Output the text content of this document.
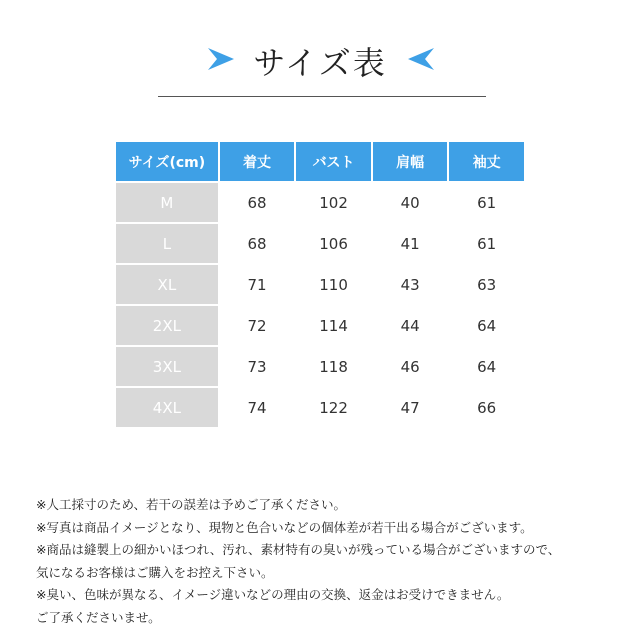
サイズ表
サイズ(cm)	着丈	バスト	肩幅	袖丈
M	68	102	40	61
L	68	106	41	61
XL	71	110	43	63
2XL	72	114	44	64
3XL	73	118	46	64
4XL	74	122	47	66

※人工採寸のため、若干の誤差は予めご了承ください。

※写真は商品イメージとなり、現物と色合いなどの個体差が若干出る場合がございます。

※商品は縫製上の細かいほつれ、汚れ、素材特有の臭いが残っている場合がございますので、

気になるお客様はご購入をお控え下さい。

※臭い、色味が異なる、イメージ違いなどの理由の交換、返金はお受けできません。

ご了承くださいませ。
